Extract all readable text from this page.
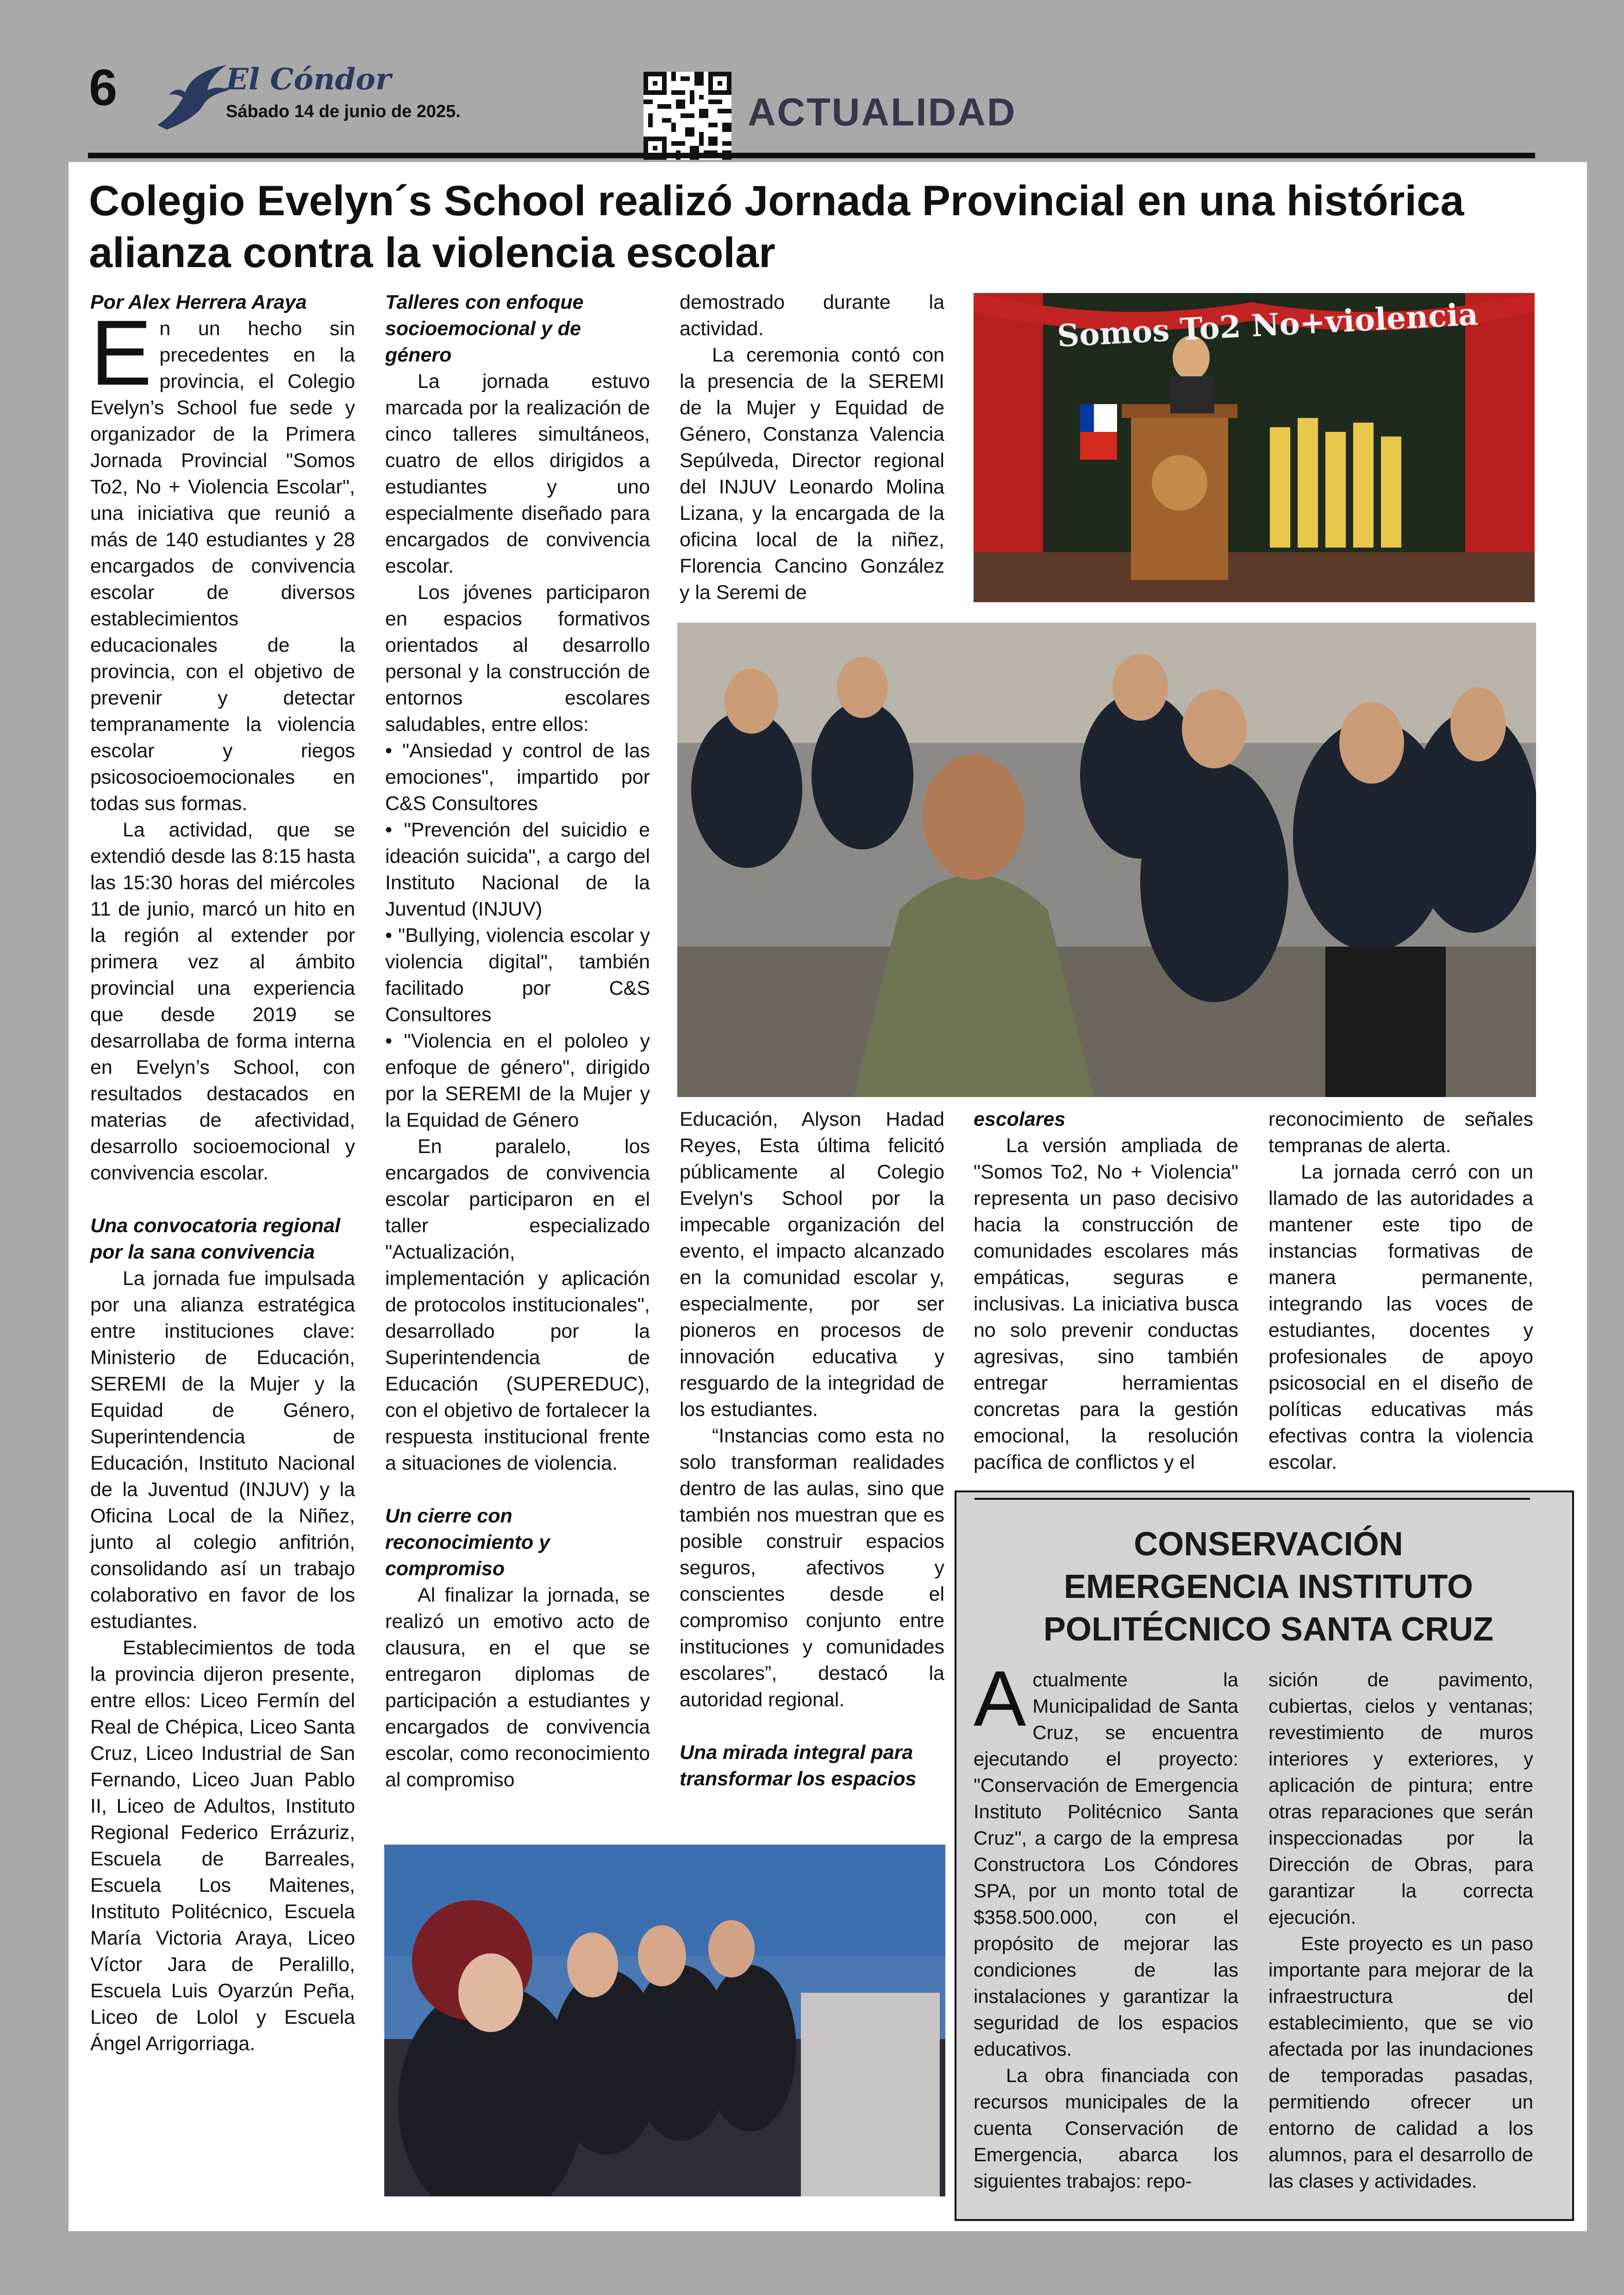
6	El Cóndor
Sábado 14 de junio de 2025.	ACTUALIDAD
Colegio Evelyn´s School realizó Jornada Provincial en una histórica alianza contra la violencia escolar

Por Alex Herrera Araya

En un hecho sin precedentes en la provincia, el Colegio Evelyn’s School fue sede y organizador de la Primera Jornada Provincial "Somos To2, No + Violencia Escolar", una iniciativa que reunió a más de 140 estudiantes y 28 encargados de convivencia escolar de diversos establecimientos educacionales de la provincia, con el objetivo de prevenir y detectar tempranamente la violencia escolar y riegos psicosocioemocionales en todas sus formas.

La actividad, que se extendió desde las 8:15 hasta las 15:30 horas del miércoles 11 de junio, marcó un hito en la región al extender por primera vez al ámbito provincial una experiencia que desde 2019 se desarrollaba de forma interna en Evelyn’s School, con resultados destacados en materias de afectividad, desarrollo socioemocional y convivencia escolar.

Una convocatoria regional por la sana convivencia

La jornada fue impulsada por una alianza estratégica entre instituciones clave: Ministerio de Educación, SEREMI de la Mujer y la Equidad de Género, Superintendencia de Educación, Instituto Nacional de la Juventud (INJUV) y la Oficina Local de la Niñez, junto al colegio anfitrión, consolidando así un trabajo colaborativo en favor de los estudiantes.

Establecimientos de toda la provincia dijeron presente, entre ellos: Liceo Fermín del Real de Chépica, Liceo Santa Cruz, Liceo Industrial de San Fernando, Liceo Juan Pablo II, Liceo de Adultos, Instituto Regional Federico Errázuriz, Escuela de Barreales, Escuela Los Maitenes, Instituto Politécnico, Escuela María Victoria Araya, Liceo Víctor Jara de Peralillo, Escuela Luis Oyarzún Peña, Liceo de Lolol y Escuela Ángel Arrigorriaga.

Talleres con enfoque socioemocional y de género

La jornada estuvo marcada por la realización de cinco talleres simultáneos, cuatro de ellos dirigidos a estudiantes y uno especialmente diseñado para encargados de convivencia escolar.

Los jóvenes participaron en espacios formativos orientados al desarrollo personal y la construcción de entornos escolares saludables, entre ellos:

• "Ansiedad y control de las emociones", impartido por C&S Consultores

• "Prevención del suicidio e ideación suicida", a cargo del Instituto Nacional de la Juventud (INJUV)

• "Bullying, violencia escolar y violencia digital", también facilitado por C&S Consultores

• "Violencia en el pololeo y enfoque de género", dirigido por la SEREMI de la Mujer y la Equidad de Género

En paralelo, los encargados de convivencia escolar participaron en el taller especializado "Actualización, implementación y aplicación de protocolos institucionales", desarrollado por la Superintendencia de Educación (SUPEREDUC), con el objetivo de fortalecer la respuesta institucional frente a situaciones de violencia.

Un cierre con reconocimiento y compromiso

Al finalizar la jornada, se realizó un emotivo acto de clausura, en el que se entregaron diplomas de participación a estudiantes y encargados de convivencia escolar, como reconocimiento al compromiso

demostrado durante la actividad.

La ceremonia contó con la presencia de la SEREMI de la Mujer y Equidad de Género, Constanza Valencia Sepúlveda, Director regional del INJUV Leonardo Molina Lizana, y la encargada de la oficina local de la niñez, Florencia Cancino González y la Seremi de

Educación, Alyson Hadad Reyes, Esta última felicitó públicamente al Colegio Evelyn's School por la impecable organización del evento, el impacto alcanzado en la comunidad escolar y, especialmente, por ser pioneros en procesos de innovación educativa y resguardo de la integridad de los estudiantes.

“Instancias como esta no solo transforman realidades dentro de las aulas, sino que también nos muestran que es posible construir espacios seguros, afectivos y conscientes desde el compromiso conjunto entre instituciones y comunidades escolares”, destacó la autoridad regional.

Una mirada integral para transformar los espacios

escolares

La versión ampliada de "Somos To2, No + Violencia" representa un paso decisivo hacia la construcción de comunidades escolares más empáticas, seguras e inclusivas. La iniciativa busca no solo prevenir conductas agresivas, sino también entregar herramientas concretas para la gestión emocional, la resolución pacífica de conflictos y el

reconocimiento de señales tempranas de alerta.

La jornada cerró con un llamado de las autoridades a mantener este tipo de instancias formativas de manera permanente, integrando las voces de estudiantes, docentes y profesionales de apoyo psicosocial en el diseño de políticas educativas más efectivas contra la violencia escolar.

Somos To2 No+violencia
CONSERVACIÓN
EMERGENCIA INSTITUTO
POLITÉCNICO SANTA CRUZ

Actualmente la Municipalidad de Santa Cruz, se encuentra ejecutando el proyecto: "Conservación de Emergencia Instituto Politécnico Santa Cruz", a cargo de la empresa Constructora Los Cóndores SPA, por un monto total de $358.500.000, con el propósito de mejorar las condiciones de las instalaciones y garantizar la seguridad de los espacios educativos.

La obra financiada con recursos municipales de la cuenta Conservación de Emergencia, abarca los siguientes trabajos: repo-

sición de pavimento, cubiertas, cielos y ventanas; revestimiento de muros interiores y exteriores, y aplicación de pintura; entre otras reparaciones que serán inspeccionadas por la Dirección de Obras, para garantizar la correcta ejecución.

Este proyecto es un paso importante para mejorar de la infraestructura del establecimiento, que se vio afectada por las inundaciones de temporadas pasadas, permitiendo ofrecer un entorno de calidad a los alumnos, para el desarrollo de las clases y actividades.
